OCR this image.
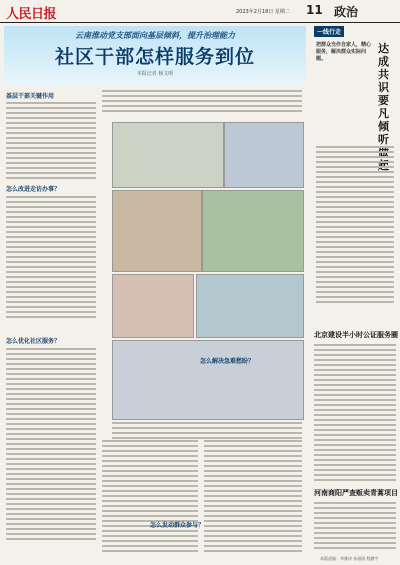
人民日报	2023年2月18日 星期二 11 政治
云南推动党支部面向基层倾斜，提升治理能力
社区干部怎样服务到位
本报记者 杨文明
基层干部关键作用
怎么改进走访办事？
怎么优化社区服务？
怎么解决急难愁盼？
怎么发动群众参与？
一线行走
把群众当作自家人，精心服务，解决群众实际问题。
达成共识要凡倾听
北京建设半小时公证服务圈
河南商阳严查贩卖青蒿项目
本版责编：李雅诗 孙丽丽 程鹏宇
